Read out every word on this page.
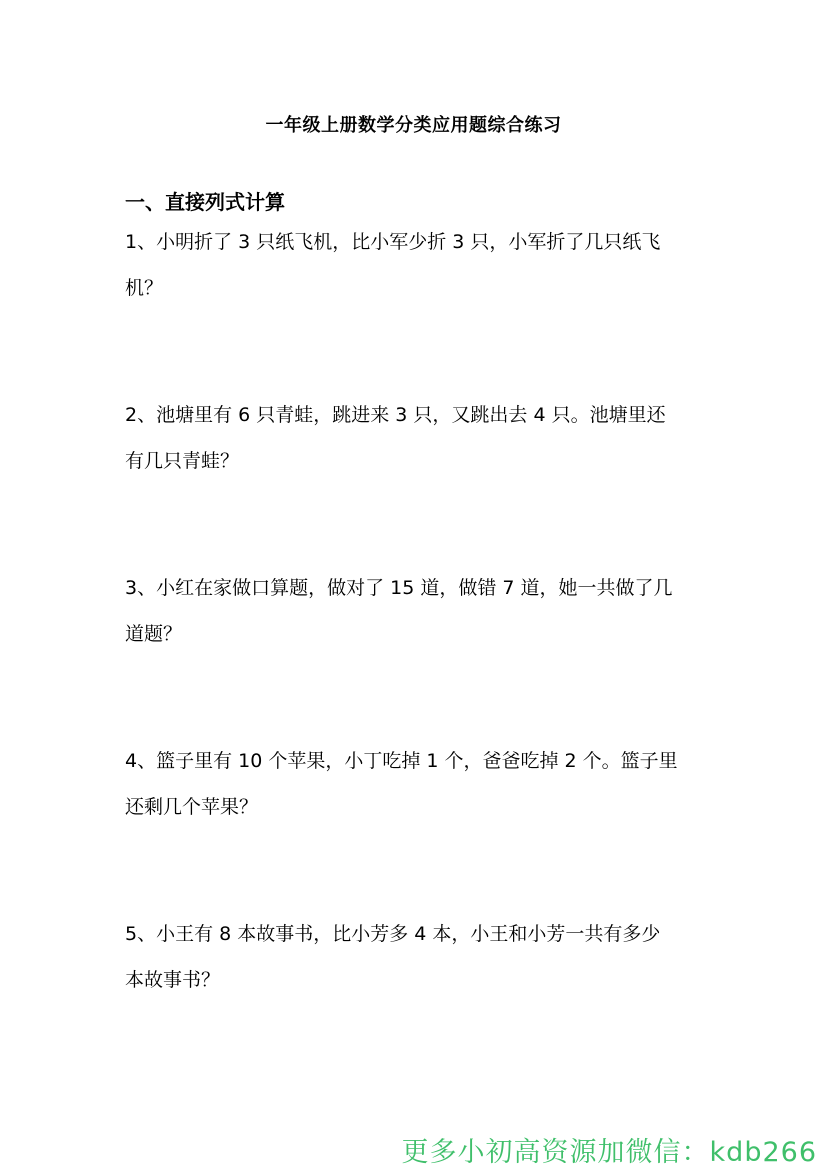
一年级上册数学分类应用题综合练习
一、直接列式计算
1、小明折了 3 只纸飞机，比小军少折 3 只，小军折了几只纸飞
机？
2、池塘里有 6 只青蛙，跳进来 3 只，又跳出去 4 只。池塘里还
有几只青蛙？
3、小红在家做口算题，做对了 15 道，做错 7 道，她一共做了几
道题？
4、篮子里有 10 个苹果，小丁吃掉 1 个，爸爸吃掉 2 个。篮子里
还剩几个苹果？
5、小王有 8 本故事书，比小芳多 4 本，小王和小芳一共有多少
本故事书？
更多小初高资源加微信：kdb266
